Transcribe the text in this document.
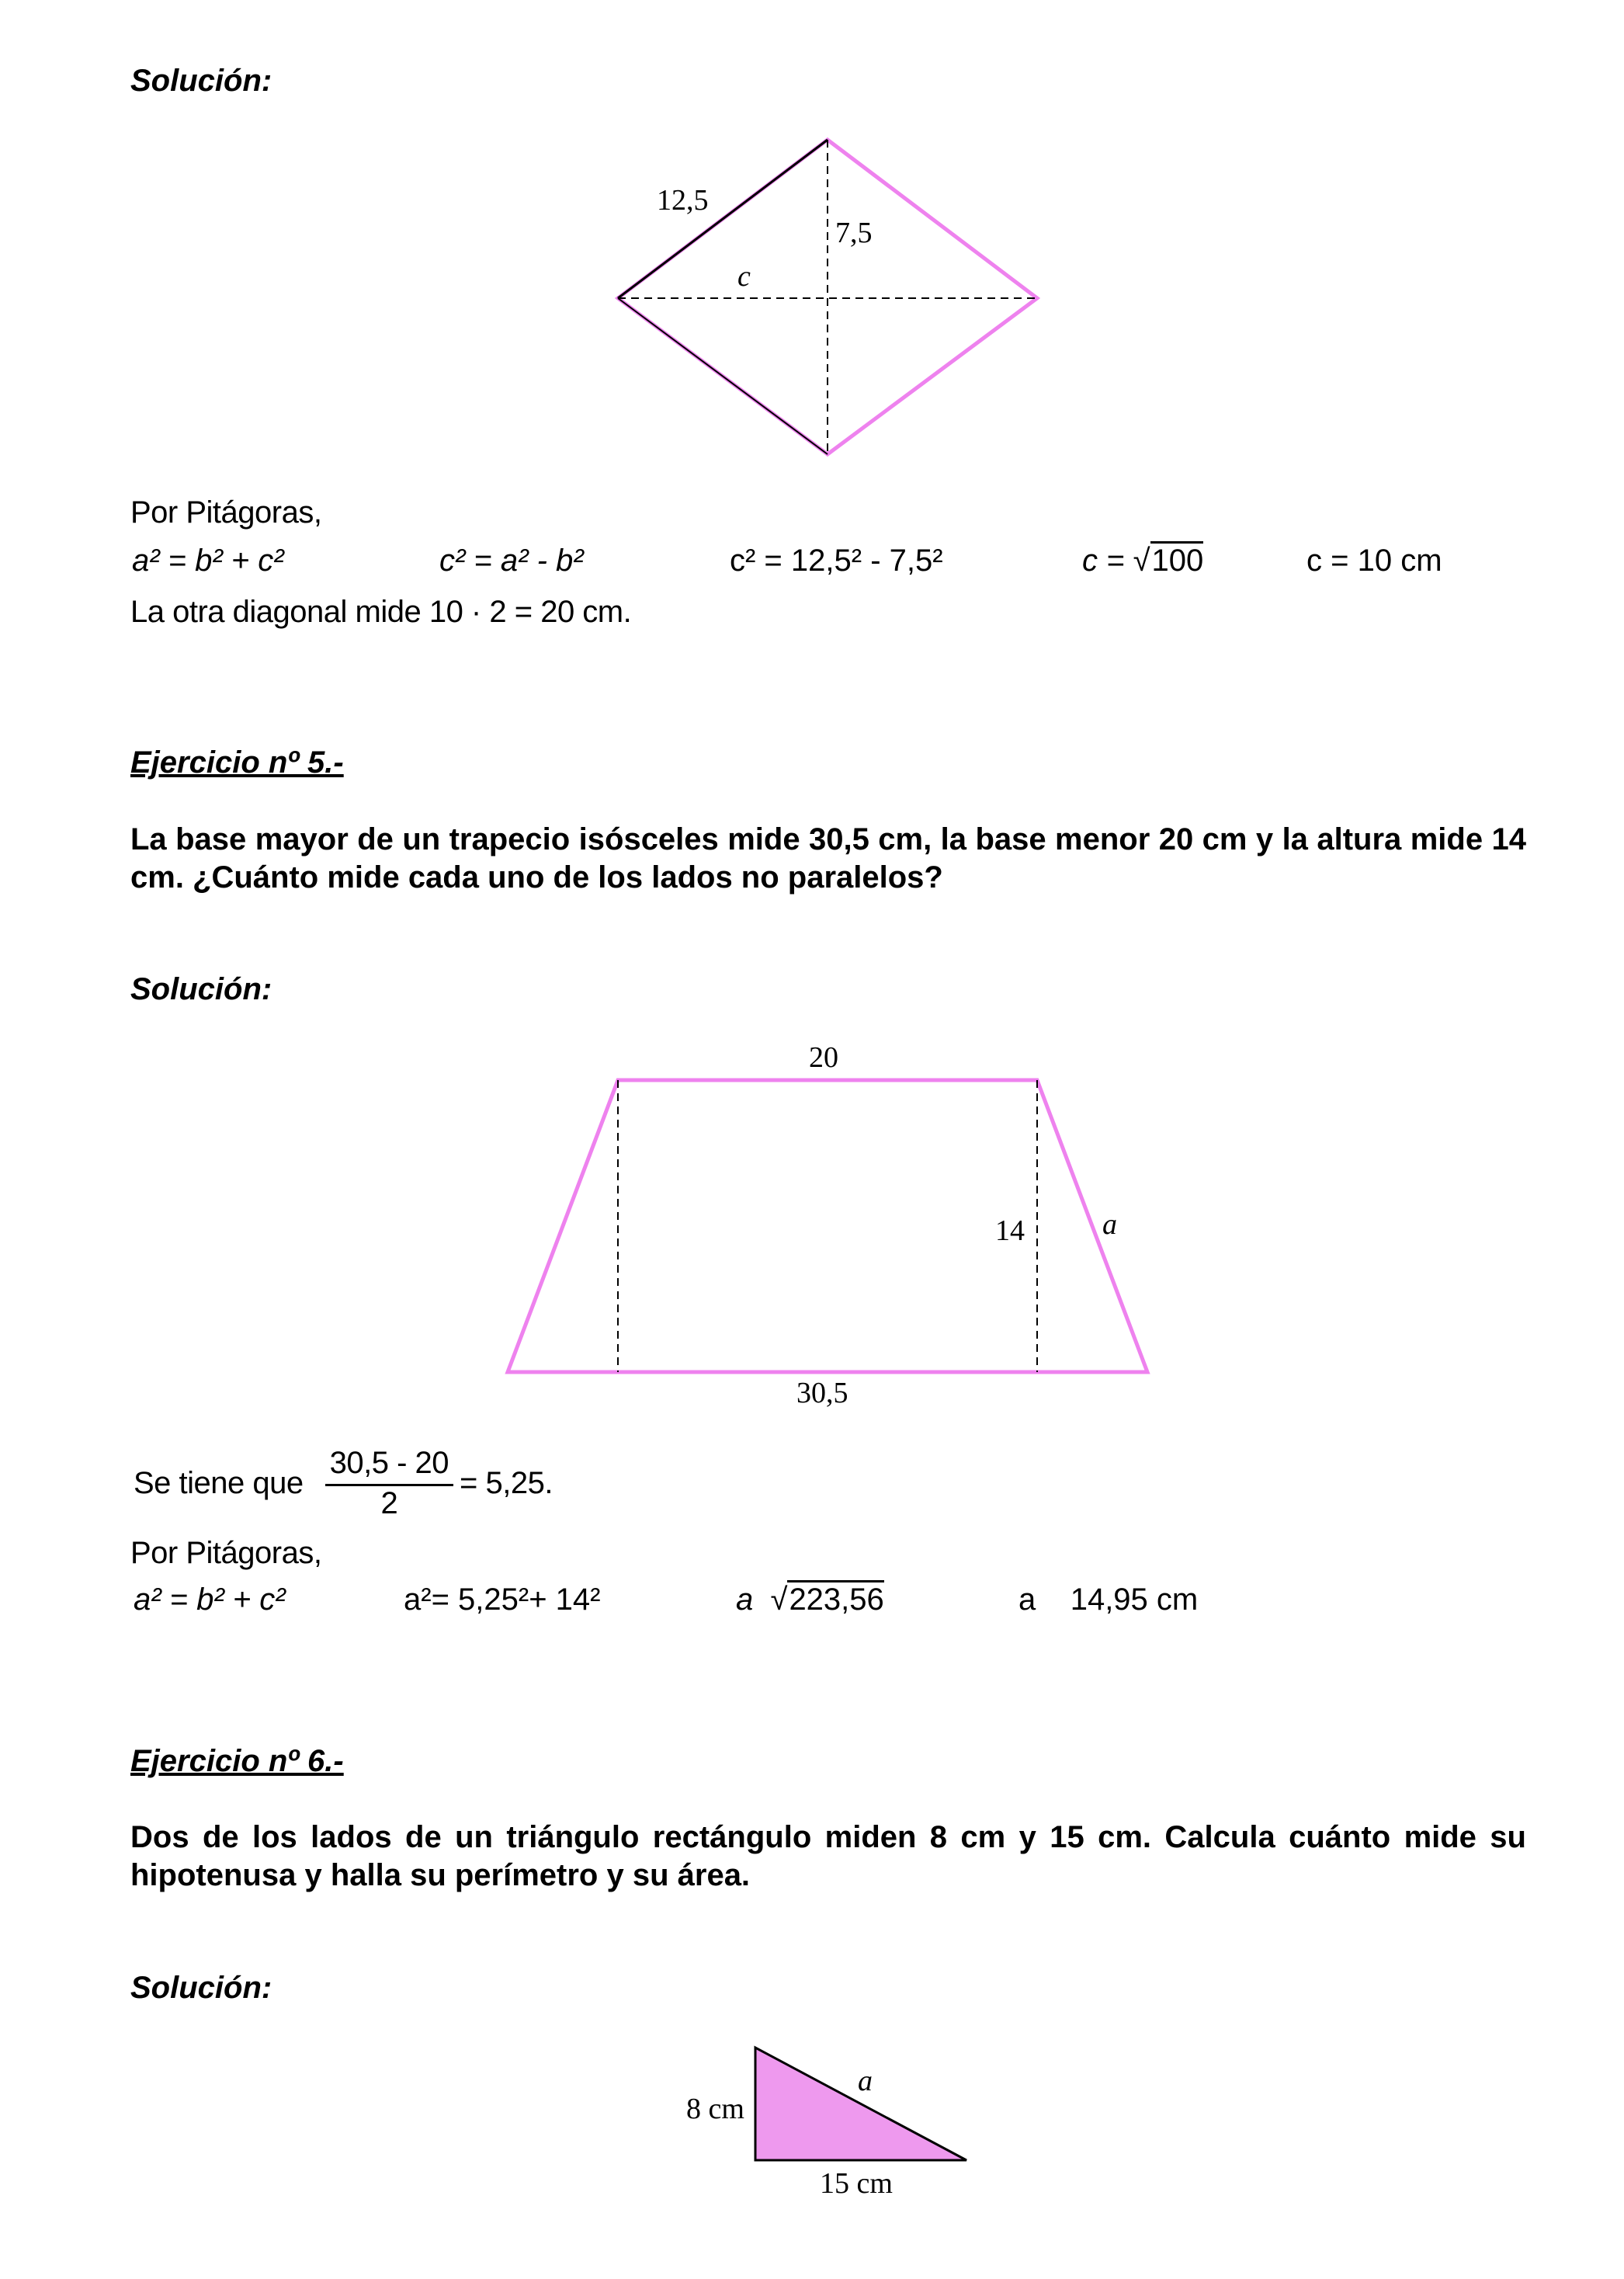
Solución:
12,5
7,5
c
Por Pitágoras,
a² = b² + c²	c² = a² - b²	c² = 12,5² - 7,5²	c = √100	c = 10 cm
La otra diagonal mide 10 · 2 = 20 cm.
Ejercicio nº 5.-
La base mayor de un trapecio isósceles mide 30,5 cm, la base menor 20 cm y la altura mide 14 cm. ¿Cuánto mide cada uno de los lados no paralelos?
Solución:
20
14	a
30,5
Se tiene que $\frac{30,5 - 20}{2} = 5,25$.
Por Pitágoras,
a² = b² + c²	a²= 5,25²+ 14²	a  √223,56	a    14,95 cm
Ejercicio nº 6.-
Dos de los lados de un triángulo rectángulo miden 8 cm y 15 cm. Calcula cuánto mide su hipotenusa y halla su perímetro y su área.
Solución:
8 cm
a
15 cm
